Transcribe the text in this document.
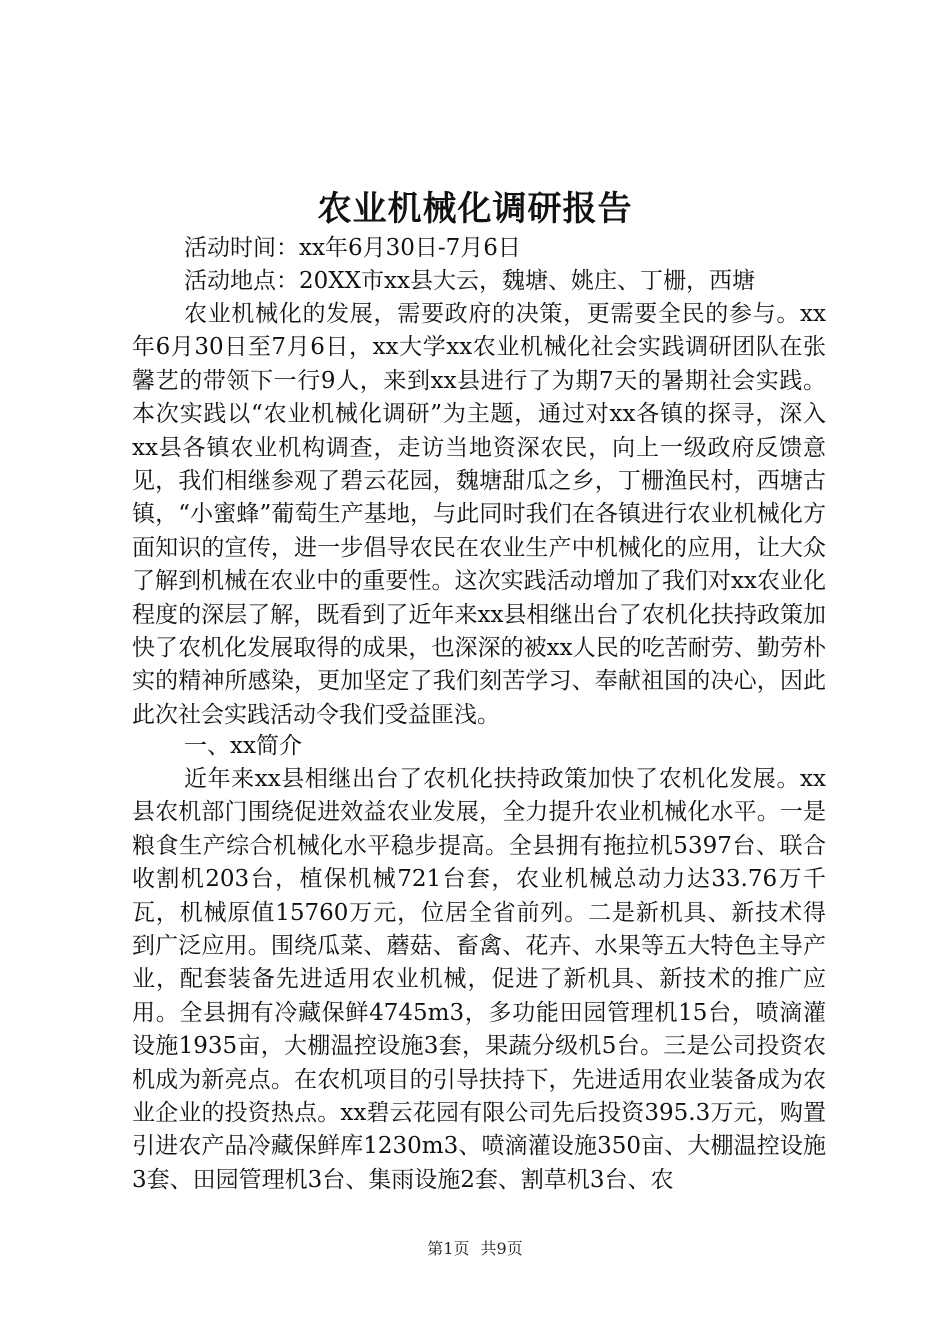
农业机械化调研报告
活动时间：xx年6月30日-7月6日
活动地点：20XX市xx县大云，魏塘、姚庄、丁栅，西塘

农业机械化的发展，需要政府的决策，更需要全民的参与。xx年6月30日至7月6日，xx大学xx农业机械化社会实践调研团队在张馨艺的带领下一行9人，来到xx县进行了为期7天的暑期社会实践。本次实践以“农业机械化调研”为主题，通过对xx各镇的探寻，深入xx县各镇农业机构调查，走访当地资深农民，向上一级政府反馈意见，我们相继参观了碧云花园，魏塘甜瓜之乡，丁栅渔民村，西塘古镇，“小蜜蜂”葡萄生产基地，与此同时我们在各镇进行农业机械化方面知识的宣传，进一步倡导农民在农业生产中机械化的应用，让大众了解到机械在农业中的重要性。这次实践活动增加了我们对xx农业化程度的深层了解，既看到了近年来xx县相继出台了农机化扶持政策加快了农机化发展取得的成果，也深深的被xx人民的吃苦耐劳、勤劳朴实的精神所感染，更加坚定了我们刻苦学习、奉献祖国的决心，因此此次社会实践活动令我们受益匪浅。

一、xx简介

近年来xx县相继出台了农机化扶持政策加快了农机化发展。xx县农机部门围绕促进效益农业发展，全力提升农业机械化水平。一是粮食生产综合机械化水平稳步提高。全县拥有拖拉机5397台、联合收割机203台，植保机械721台套，农业机械总动力达33.76万千瓦，机械原值15760万元，位居全省前列。二是新机具、新技术得到广泛应用。围绕瓜菜、蘑菇、畜禽、花卉、水果等五大特色主导产业，配套装备先进适用农业机械，促进了新机具、新技术的推广应用。全县拥有冷藏保鲜4745m3，多功能田园管理机15台，喷滴灌设施1935亩，大棚温控设施3套，果蔬分级机5台。三是公司投资农机成为新亮点。在农机项目的引导扶持下，先进适用农业装备成为农业企业的投资热点。xx碧云花园有限公司先后投资395.3万元，购置引进农产品冷藏保鲜库1230m3、喷滴灌设施350亩、大棚温控设施3套、田园管理机3台、集雨设施2套、割草机3台、农

第1页 共9页
